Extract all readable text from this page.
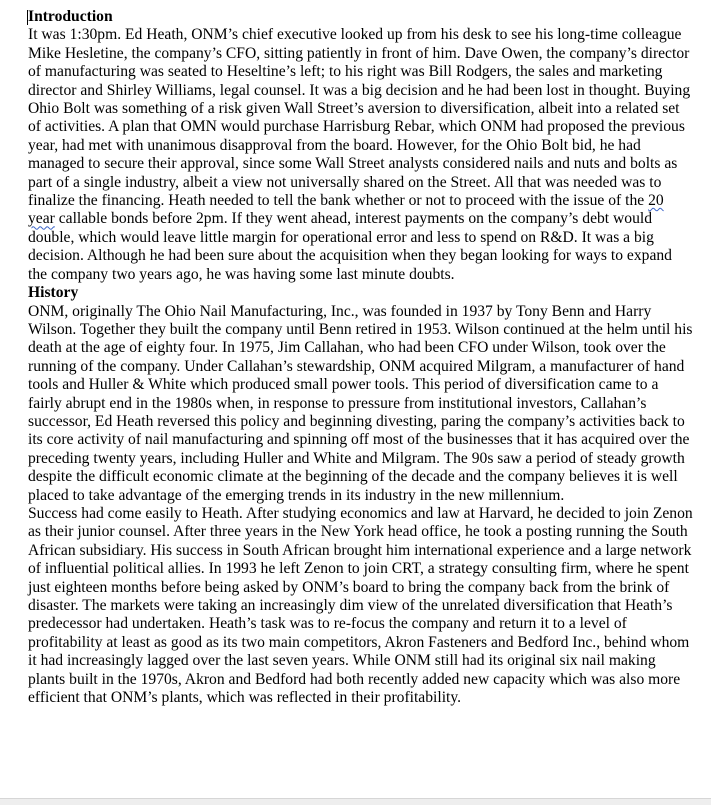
Introduction

It was 1:30pm. Ed Heath, ONM’s chief executive looked up from his desk to see his long-time colleague Mike Hesletine, the company’s CFO, sitting patiently in front of him. Dave Owen, the company’s director of manufacturing was seated to Heseltine’s left; to his right was Bill Rodgers, the sales and marketing director and Shirley Williams, legal counsel. It was a big decision and he had been lost in thought. Buying Ohio Bolt was something of a risk given Wall Street’s aversion to diversification, albeit into a related set of activities. A plan that OMN would purchase Harrisburg Rebar, which ONM had proposed the previous year, had met with unanimous disapproval from the board. However, for the Ohio Bolt bid, he had managed to secure their approval, since some Wall Street analysts considered nails and nuts and bolts as part of a single industry, albeit a view not universally shared on the Street. All that was needed was to finalize the financing. Heath needed to tell the bank whether or not to proceed with the issue of the 20 year callable bonds before 2pm. If they went ahead, interest payments on the company’s debt would double, which would leave little margin for operational error and less to spend on R&D. It was a big decision. Although he had been sure about the acquisition when they began looking for ways to expand the company two years ago, he was having some last minute doubts.

History

ONM, originally The Ohio Nail Manufacturing, Inc., was founded in 1937 by Tony Benn and Harry Wilson. Together they built the company until Benn retired in 1953. Wilson continued at the helm until his death at the age of eighty four. In 1975, Jim Callahan, who had been CFO under Wilson, took over the running of the company. Under Callahan’s stewardship, ONM acquired Milgram, a manufacturer of hand tools and Huller & White which produced small power tools. This period of diversification came to a fairly abrupt end in the 1980s when, in response to pressure from institutional investors, Callahan’s successor, Ed Heath reversed this policy and beginning divesting, paring the company’s activities back to its core activity of nail manufacturing and spinning off most of the businesses that it has acquired over the preceding twenty years, including Huller and White and Milgram. The 90s saw a period of steady growth despite the difficult economic climate at the beginning of the decade and the company believes it is well placed to take advantage of the emerging trends in its industry in the new millennium.

Success had come easily to Heath. After studying economics and law at Harvard, he decided to join Zenon as their junior counsel. After three years in the New York head office, he took a posting running the South African subsidiary. His success in South African brought him international experience and a large network of influential political allies. In 1993 he left Zenon to join CRT, a strategy consulting firm, where he spent just eighteen months before being asked by ONM’s board to bring the company back from the brink of disaster. The markets were taking an increasingly dim view of the unrelated diversification that Heath’s predecessor had undertaken. Heath’s task was to re-focus the company and return it to a level of profitability at least as good as its two main competitors, Akron Fasteners and Bedford Inc., behind whom it had increasingly lagged over the last seven years. While ONM still had its original six nail making plants built in the 1970s, Akron and Bedford had both recently added new capacity which was also more efficient that ONM’s plants, which was reflected in their profitability.
